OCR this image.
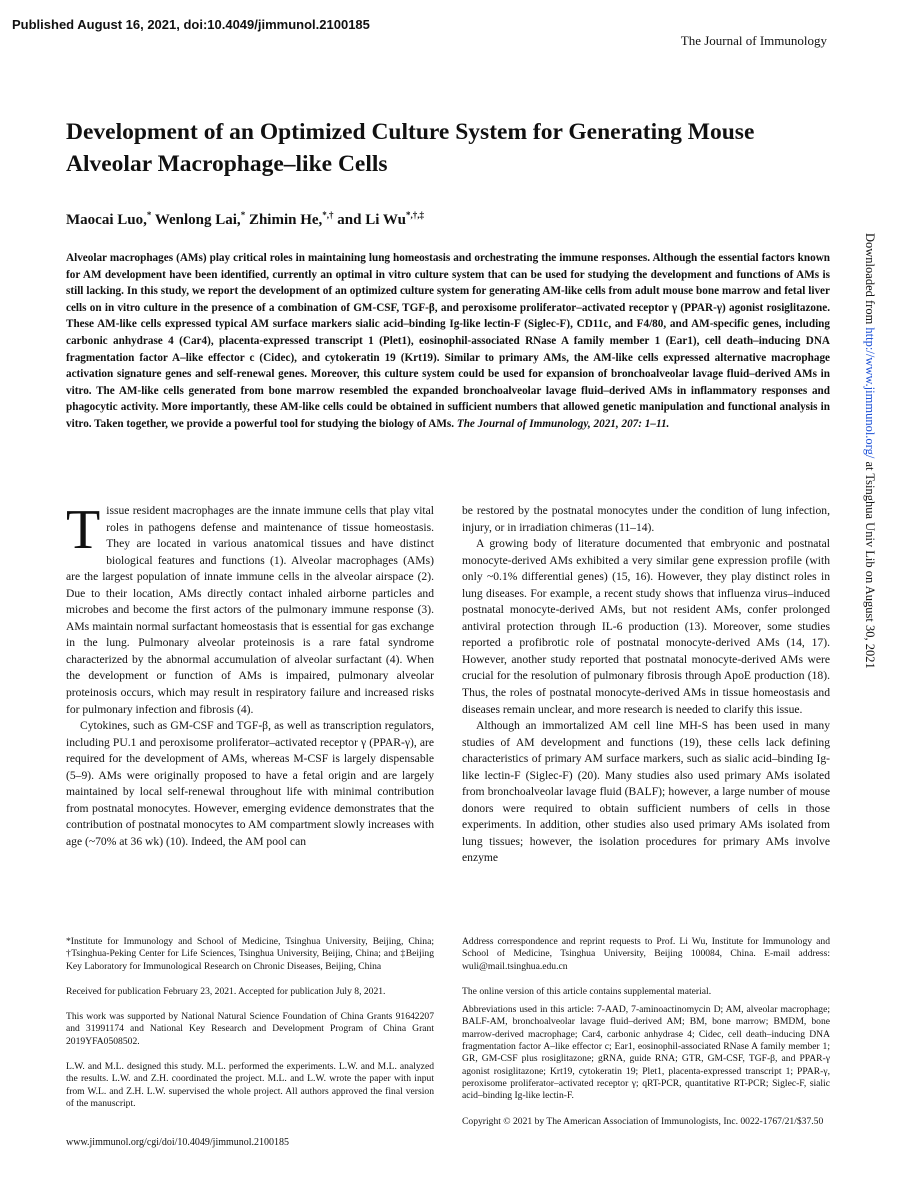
Published August 16, 2021, doi:10.4049/jimmunol.2100185
The Journal of Immunology
Development of an Optimized Culture System for Generating Mouse Alveolar Macrophage–like Cells
Maocai Luo,* Wenlong Lai,* Zhimin He,*,† and Li Wu*,†,‡
Alveolar macrophages (AMs) play critical roles in maintaining lung homeostasis and orchestrating the immune responses. Although the essential factors known for AM development have been identified, currently an optimal in vitro culture system that can be used for studying the development and functions of AMs is still lacking. In this study, we report the development of an optimized culture system for generating AM-like cells from adult mouse bone marrow and fetal liver cells on in vitro culture in the presence of a combination of GM-CSF, TGF-β, and peroxisome proliferator–activated receptor γ (PPAR-γ) agonist rosiglitazone. These AM-like cells expressed typical AM surface markers sialic acid–binding Ig-like lectin-F (Siglec-F), CD11c, and F4/80, and AM-specific genes, including carbonic anhydrase 4 (Car4), placenta-expressed transcript 1 (Plet1), eosinophil-associated RNase A family member 1 (Ear1), cell death–inducing DNA fragmentation factor A–like effector c (Cidec), and cytokeratin 19 (Krt19). Similar to primary AMs, the AM-like cells expressed alternative macrophage activation signature genes and self-renewal genes. Moreover, this culture system could be used for expansion of bronchoalveolar lavage fluid–derived AMs in vitro. The AM-like cells generated from bone marrow resembled the expanded bronchoalveolar lavage fluid–derived AMs in inflammatory responses and phagocytic activity. More importantly, these AM-like cells could be obtained in sufficient numbers that allowed genetic manipulation and functional analysis in vitro. Taken together, we provide a powerful tool for studying the biology of AMs. The Journal of Immunology, 2021, 207: 1–11.
Downloaded from http://www.jimmunol.org/ at Tsinghua Univ Lib on August 30, 2021

Tissue resident macrophages are the innate immune cells that play vital roles in pathogens defense and maintenance of tissue homeostasis. They are located in various anatomical tissues and have distinct biological features and functions (1). Alveolar macrophages (AMs) are the largest population of innate immune cells in the alveolar airspace (2). Due to their location, AMs directly contact inhaled airborne particles and microbes and become the first actors of the pulmonary immune response (3). AMs maintain normal surfactant homeostasis that is essential for gas exchange in the lung. Pulmonary alveolar proteinosis is a rare fatal syndrome characterized by the abnormal accumulation of alveolar surfactant (4). When the development or function of AMs is impaired, pulmonary alveolar proteinosis occurs, which may result in respiratory failure and increased risks for pulmonary infection and fibrosis (4).

Cytokines, such as GM-CSF and TGF-β, as well as transcription regulators, including PU.1 and peroxisome proliferator–activated receptor γ (PPAR-γ), are required for the development of AMs, whereas M-CSF is largely dispensable (5–9). AMs were originally proposed to have a fetal origin and are largely maintained by local self-renewal throughout life with minimal contribution from postnatal monocytes. However, emerging evidence demonstrates that the contribution of postnatal monocytes to AM compartment slowly increases with age (~70% at 36 wk) (10). Indeed, the AM pool can

be restored by the postnatal monocytes under the condition of lung infection, injury, or in irradiation chimeras (11–14).

A growing body of literature documented that embryonic and postnatal monocyte-derived AMs exhibited a very similar gene expression profile (with only ~0.1% differential genes) (15, 16). However, they play distinct roles in lung diseases. For example, a recent study shows that influenza virus–induced postnatal monocyte-derived AMs, but not resident AMs, confer prolonged antiviral protection through IL-6 production (13). Moreover, some studies reported a profibrotic role of postnatal monocyte-derived AMs (14, 17). However, another study reported that postnatal monocyte-derived AMs were crucial for the resolution of pulmonary fibrosis through ApoE production (18). Thus, the roles of postnatal monocyte-derived AMs in tissue homeostasis and diseases remain unclear, and more research is needed to clarify this issue.

Although an immortalized AM cell line MH-S has been used in many studies of AM development and functions (19), these cells lack defining characteristics of primary AM surface markers, such as sialic acid–binding Ig-like lectin-F (Siglec-F) (20). Many studies also used primary AMs isolated from bronchoalveolar lavage fluid (BALF); however, a large number of mouse donors were required to obtain sufficient numbers of cells in those experiments. In addition, other studies also used primary AMs isolated from lung tissues; however, the isolation procedures for primary AMs involve enzyme

*Institute for Immunology and School of Medicine, Tsinghua University, Beijing, China; †Tsinghua-Peking Center for Life Sciences, Tsinghua University, Beijing, China; and ‡Beijing Key Laboratory for Immunological Research on Chronic Diseases, Beijing, China

Received for publication February 23, 2021. Accepted for publication July 8, 2021.

This work was supported by National Natural Science Foundation of China Grants 91642207 and 31991174 and National Key Research and Development Program of China Grant 2019YFA0508502.

L.W. and M.L. designed this study. M.L. performed the experiments. L.W. and M.L. analyzed the results. L.W. and Z.H. coordinated the project. M.L. and L.W. wrote the paper with input from W.L. and Z.H. L.W. supervised the whole project. All authors approved the final version of the manuscript.

Address correspondence and reprint requests to Prof. Li Wu, Institute for Immunology and School of Medicine, Tsinghua University, Beijing 100084, China. E-mail address: wuli@mail.tsinghua.edu.cn

The online version of this article contains supplemental material.

Abbreviations used in this article: 7-AAD, 7-aminoactinomycin D; AM, alveolar macrophage; BALF-AM, bronchoalveolar lavage fluid–derived AM; BM, bone marrow; BMDM, bone marrow-derived macrophage; Car4, carbonic anhydrase 4; Cidec, cell death–inducing DNA fragmentation factor A–like effector c; Ear1, eosinophil-associated RNase A family member 1; GR, GM-CSF plus rosiglitazone; gRNA, guide RNA; GTR, GM-CSF, TGF-β, and PPAR-γ agonist rosiglitazone; Krt19, cytokeratin 19; Plet1, placenta-expressed transcript 1; PPAR-γ, peroxisome proliferator–activated receptor γ; qRT-PCR, quantitative RT-PCR; Siglec-F, sialic acid–binding Ig-like lectin-F.

Copyright © 2021 by The American Association of Immunologists, Inc. 0022-1767/21/$37.50

www.jimmunol.org/cgi/doi/10.4049/jimmunol.2100185
